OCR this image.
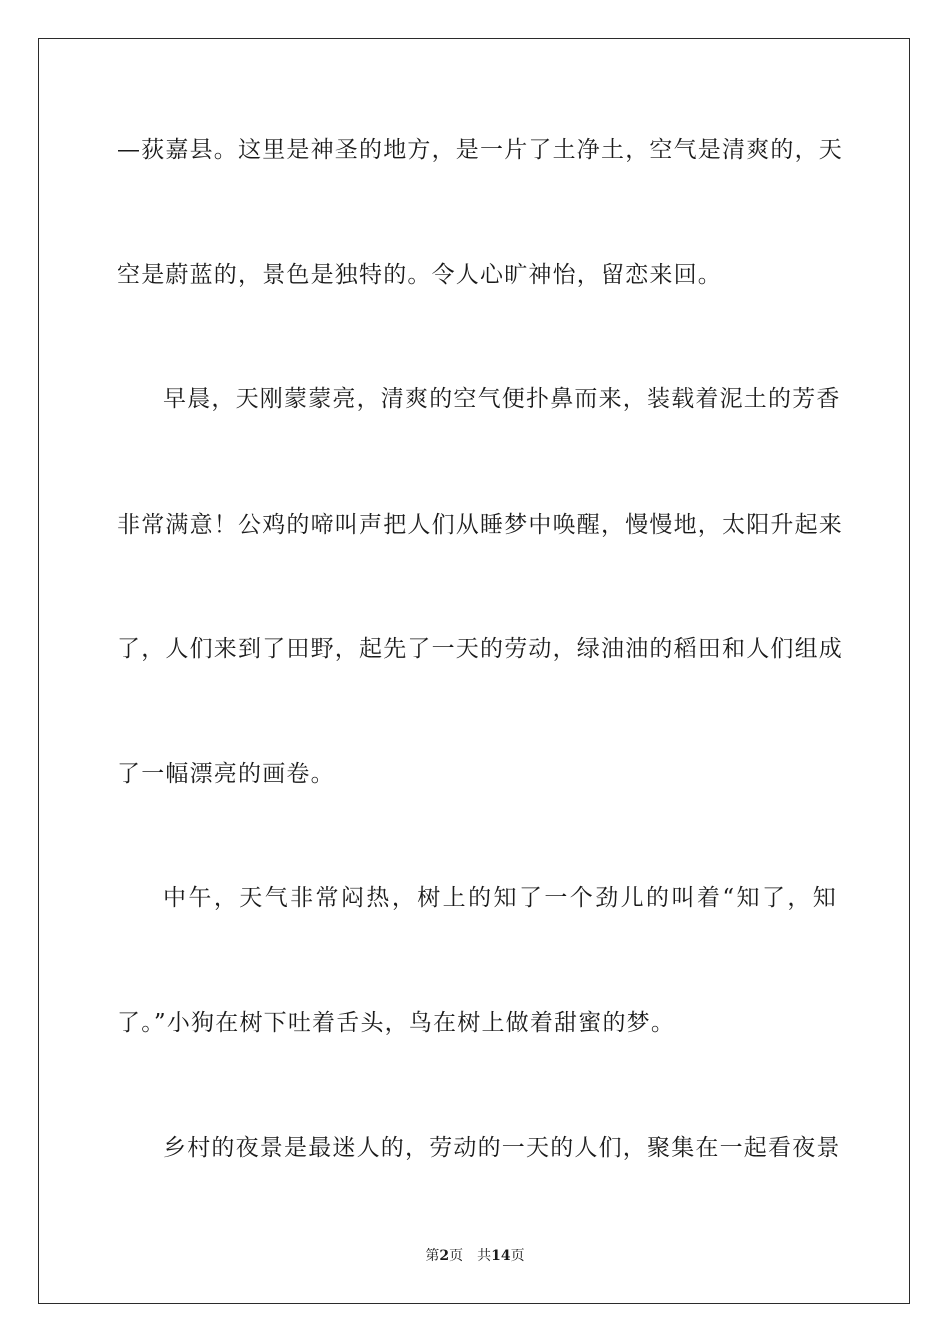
—荻嘉县。这里是神圣的地方，是一片了土净土，空气是清爽的，天
空是蔚蓝的，景色是独特的。令人心旷神怡，留恋来回。
早晨，天刚蒙蒙亮，清爽的空气便扑鼻而来，装载着泥土的芳香
非常满意！公鸡的啼叫声把人们从睡梦中唤醒，慢慢地，太阳升起来
了，人们来到了田野，起先了一天的劳动，绿油油的稻田和人们组成
了一幅漂亮的画卷。
中午，天气非常闷热，树上的知了一个劲儿的叫着“知了，知
了。”小狗在树下吐着舌头，鸟在树上做着甜蜜的梦。
乡村的夜景是最迷人的，劳动的一天的人们，聚集在一起看夜景
第2页 共14页
